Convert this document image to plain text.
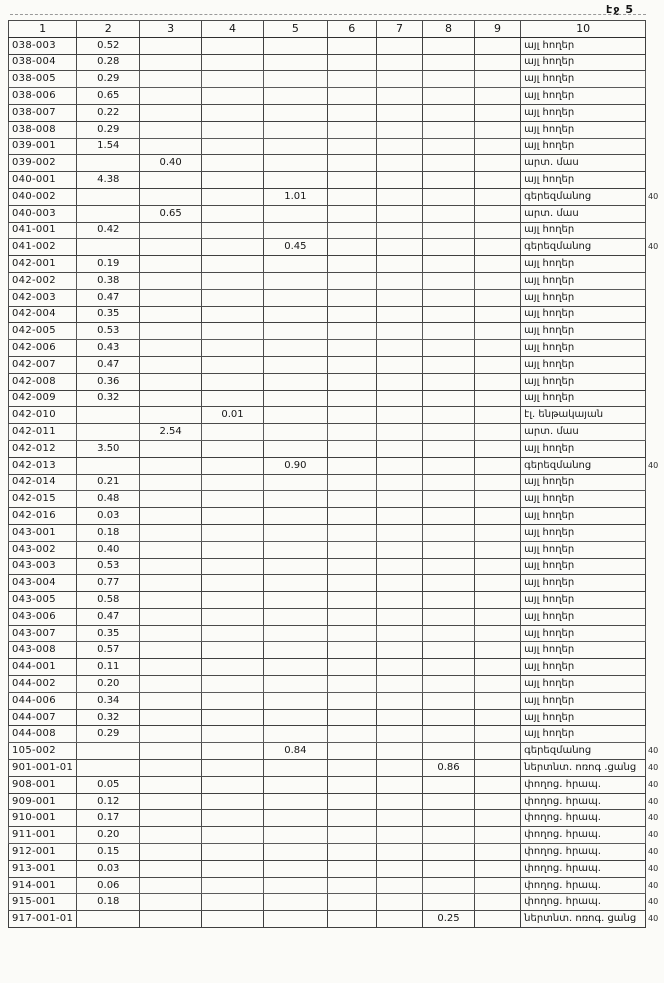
էջ 5
1	2	3	4	5	6	7	8	9	10	
038-003	0.52								այլ հողեր	
038-004	0.28								այլ հողեր	
038-005	0.29								այլ հողեր	
038-006	0.65								այլ հողեր	
038-007	0.22								այլ հողեր	
038-008	0.29								այլ հողեր	
039-001	1.54								այլ հողեր	
039-002		0.40							արտ. մաս	
040-001	4.38								այլ հողեր	
040-002				1.01					գերեզմանոց	40
040-003		0.65							արտ. մաս	
041-001	0.42								այլ հողեր	
041-002				0.45					գերեզմանոց	40
042-001	0.19								այլ հողեր	
042-002	0.38								այլ հողեր	
042-003	0.47								այլ հողեր	
042-004	0.35								այլ հողեր	
042-005	0.53								այլ հողեր	
042-006	0.43								այլ հողեր	
042-007	0.47								այլ հողեր	
042-008	0.36								այլ հողեր	
042-009	0.32								այլ հողեր	
042-010			0.01						էլ. ենթակայան	
042-011		2.54							արտ. մաս	
042-012	3.50								այլ հողեր	
042-013				0.90					գերեզմանոց	40
042-014	0.21								այլ հողեր	
042-015	0.48								այլ հողեր	
042-016	0.03								այլ հողեր	
043-001	0.18								այլ հողեր	
043-002	0.40								այլ հողեր	
043-003	0.53								այլ հողեր	
043-004	0.77								այլ հողեր	
043-005	0.58								այլ հողեր	
043-006	0.47								այլ հողեր	
043-007	0.35								այլ հողեր	
043-008	0.57								այլ հողեր	
044-001	0.11								այլ հողեր	
044-002	0.20								այլ հողեր	
044-006	0.34								այլ հողեր	
044-007	0.32								այլ հողեր	
044-008	0.29								այլ հողեր	
105-002				0.84					գերեզմանոց	40
901-001-01							0.86		ներտնտ. ոռոգ .ցանց	40
908-001	0.05								փողոց. հրապ.	40
909-001	0.12								փողոց. հրապ.	40
910-001	0.17								փողոց. հրապ.	40
911-001	0.20								փողոց. հրապ.	40
912-001	0.15								փողոց. հրապ.	40
913-001	0.03								փողոց. հրապ.	40
914-001	0.06								փողոց. հրապ.	40
915-001	0.18								փողոց. հրապ.	40
917-001-01							0.25		ներտնտ. ոռոգ. ցանց	40
